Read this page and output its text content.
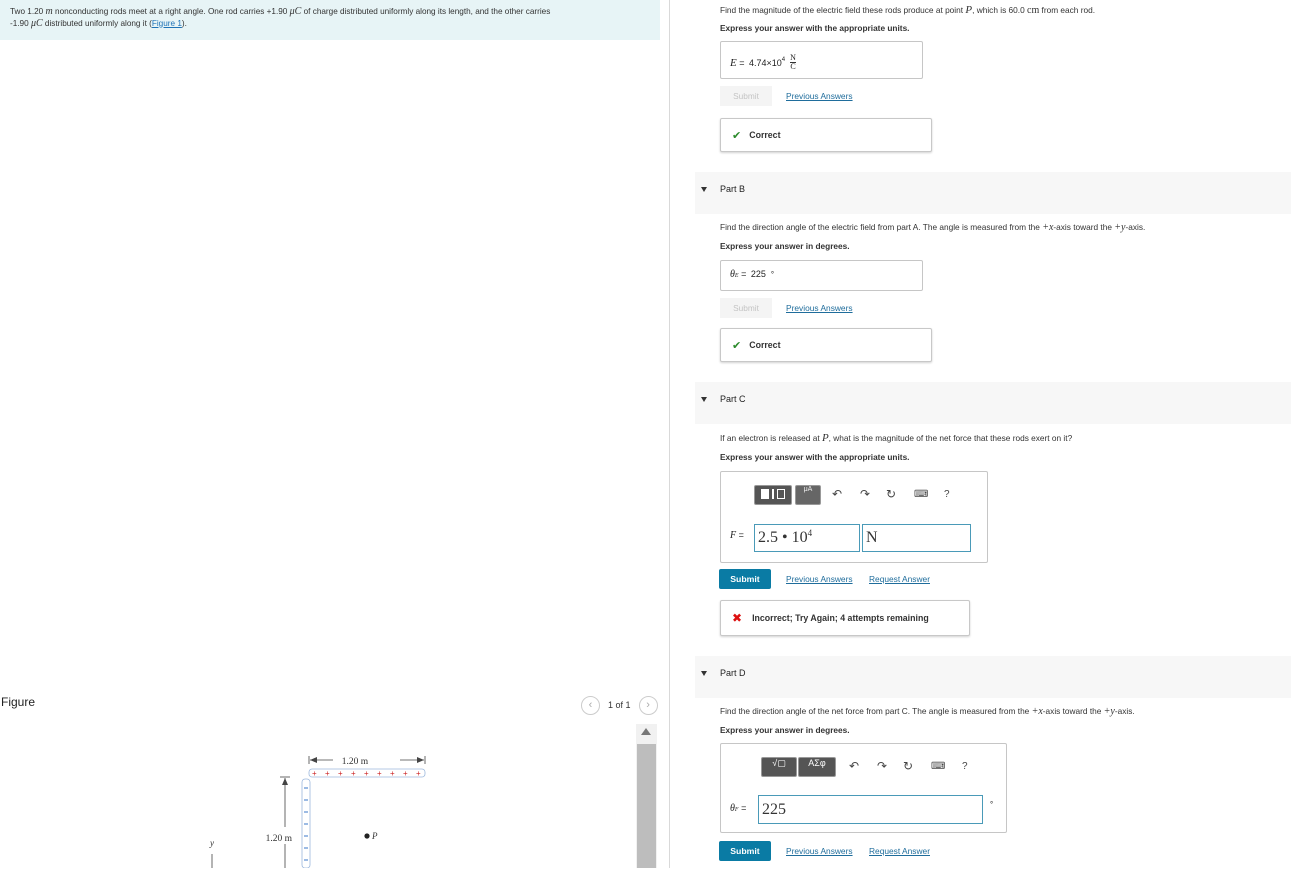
Two 1.20 m nonconducting rods meet at a right angle. One rod carries +1.90 μC of charge distributed uniformly along its length, and the other carries
-1.90 μC distributed uniformly along it (Figure 1).
Figure	‹	1 of 1	›
1.20 m
+ + + + + + + + +
1.20 m	P
y
Find the magnitude of the electric field these rods produce at point P, which is 60.0 cm from each rod.
Express your answer with the appropriate units.
$E = 4.74\times 10^4 \frac{N}{C}$
Submit	Previous Answers
✔ Correct
Part B
Find the direction angle of the electric field from part A. The angle is measured from the +x-axis toward the +y-axis.
Express your answer in degrees.
θ E = 225 °
Submit	Previous Answers
✔ Correct
Part C
If an electron is released at P, what is the magnitude of the net force that these rods exert on it?
Express your answer with the appropriate units.
μA	↶ ↷ ↻ ⌨ ?
F = 2.5 • $10^4$	N
Submit	Previous Answers Request Answer
✖ Incorrect; Try Again; 4 attempts remaining
Part D
Find the direction angle of the net force from part C. The angle is measured from the +x-axis toward the +y-axis.
Express your answer in degrees.
√▢	ΑΣφ	↶ ↷ ↻ ⌨ ?
θ F = 225	°
Submit	Previous Answers Request Answer
